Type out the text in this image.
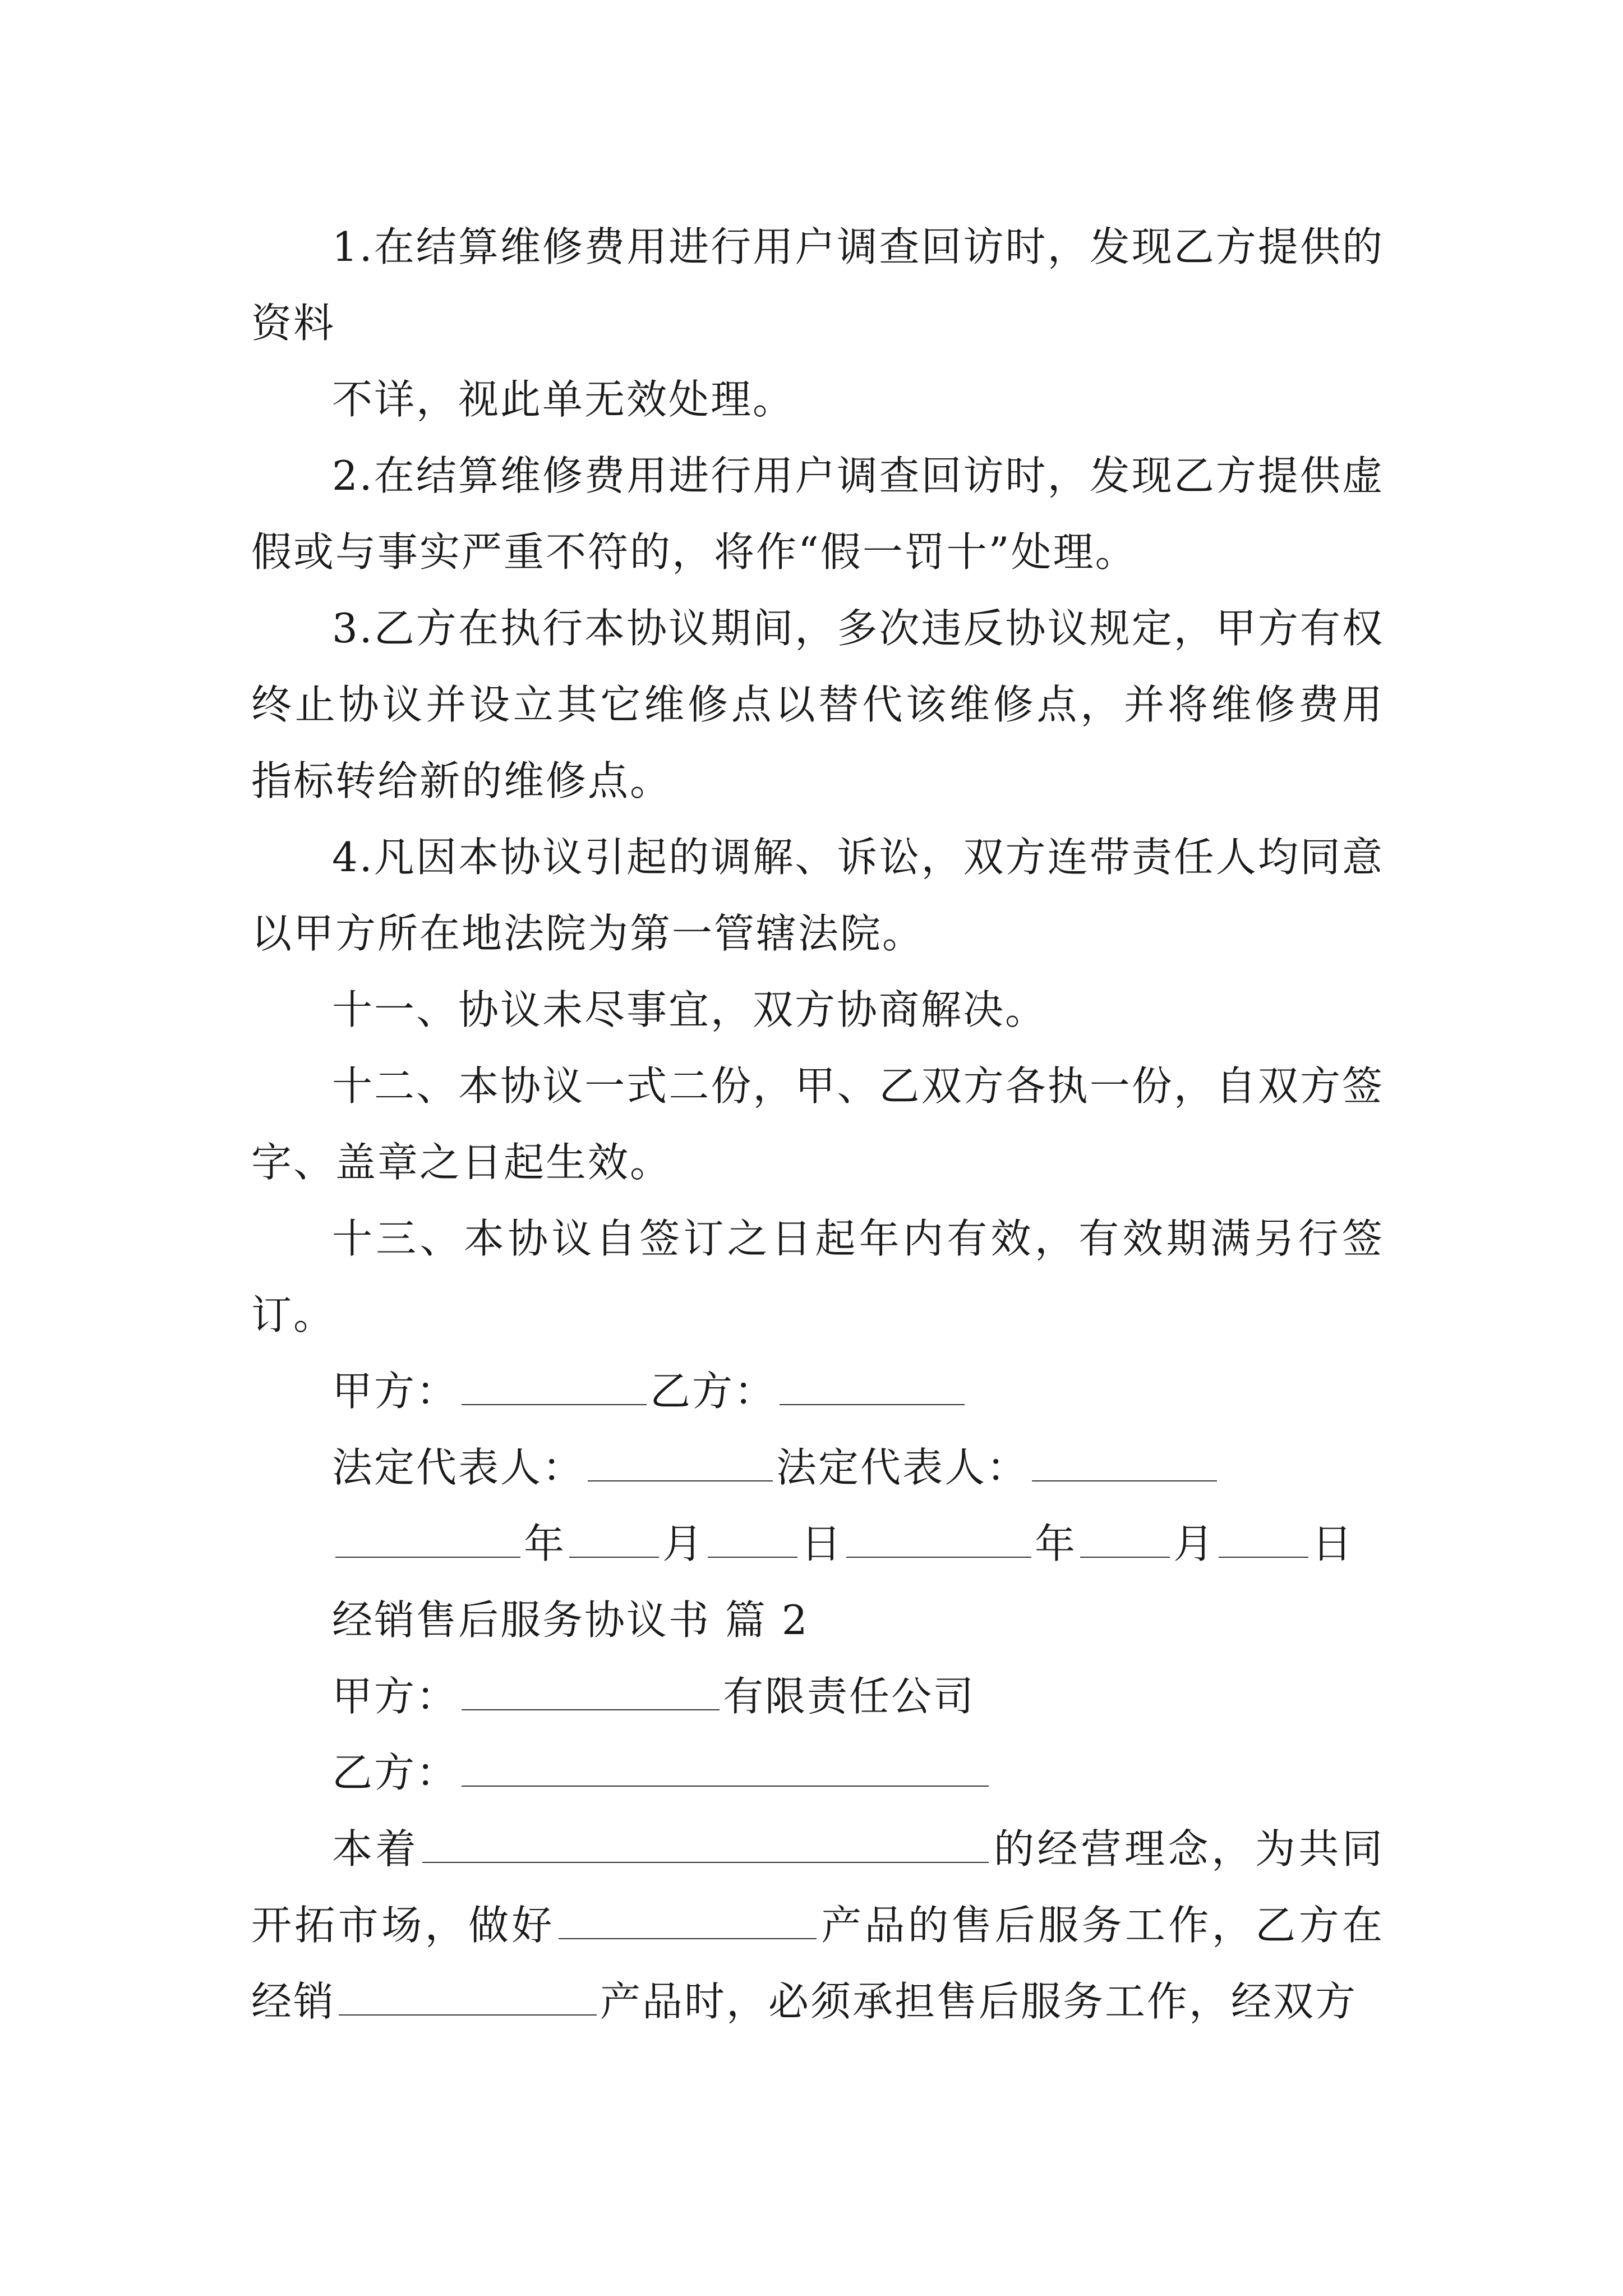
1.在结算维修费用进行用户调查回访时，发现乙方提供的资料

不详，视此单无效处理。

2.在结算维修费用进行用户调查回访时，发现乙方提供虚假或与事实严重不符的，将作“假一罚十”处理。

3.乙方在执行本协议期间，多次违反协议规定，甲方有权终止协议并设立其它维修点以替代该维修点，并将维修费用指标转给新的维修点。

4.凡因本协议引起的调解、诉讼，双方连带责任人均同意以甲方所在地法院为第一管辖法院。

十一、协议未尽事宜，双方协商解决。

十二、本协议一式二份，甲、乙双方各执一份，自双方签字、盖章之日起生效。

十三、本协议自签订之日起年内有效，有效期满另行签订。

甲方：	乙方：

法定代表人：	法定代表人：

年 月 日	年 月 日

经销售后服务协议书 篇 2

甲方：	有限责任公司

乙方：

本着	的经营理念，为共同开拓市场，做好	产品的售后服务工作，乙方在经销	产品时，必须承担售后服务工作，经双方
